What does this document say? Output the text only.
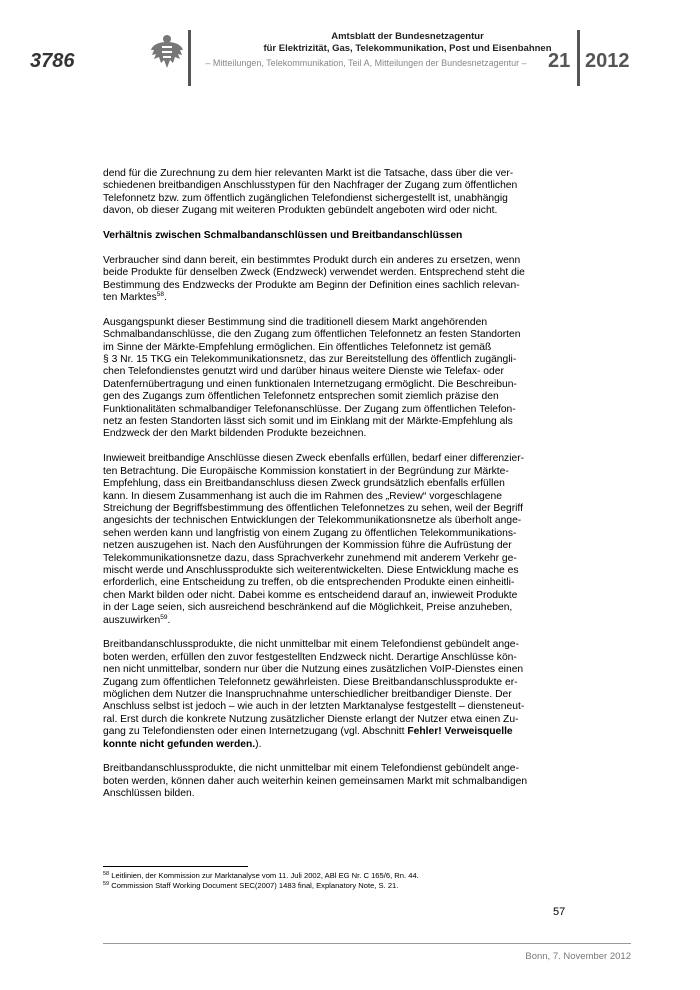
3786
Amtsblatt der Bundesnetzagentur
für Elektrizität, Gas, Telekommunikation, Post und Eisenbahnen
– Mitteilungen, Telekommunikation, Teil A, Mitteilungen der Bundesnetzagentur –	21 2012

dend für die Zurechnung zu dem hier relevanten Markt ist die Tatsache, dass über die ver-
schiedenen breitbandigen Anschlusstypen für den Nachfrager der Zugang zum öffentlichen
Telefonnetz bzw. zum öffentlich zugänglichen Telefondienst sichergestellt ist, unabhängig
davon, ob dieser Zugang mit weiteren Produkten gebündelt angeboten wird oder nicht.

Verhältnis zwischen Schmalbandanschlüssen und Breitbandanschlüssen

Verbraucher sind dann bereit, ein bestimmtes Produkt durch ein anderes zu ersetzen, wenn
beide Produkte für denselben Zweck (Endzweck) verwendet werden. Entsprechend steht die
Bestimmung des Endzwecks der Produkte am Beginn der Definition eines sachlich relevan-
ten Marktes$^{58}$.

Ausgangspunkt dieser Bestimmung sind die traditionell diesem Markt angehörenden
Schmalbandanschlüsse, die den Zugang zum öffentlichen Telefonnetz an festen Standorten
im Sinne der Märkte-Empfehlung ermöglichen. Ein öffentliches Telefonnetz ist gemäß
§ 3 Nr. 15 TKG ein Telekommunikationsnetz, das zur Bereitstellung des öffentlich zugängli-
chen Telefondienstes genutzt wird und darüber hinaus weitere Dienste wie Telefax- oder
Datenfernübertragung und einen funktionalen Internetzugang ermöglicht. Die Beschreibun-
gen des Zugangs zum öffentlichen Telefonnetz entsprechen somit ziemlich präzise den
Funktionalitäten schmalbandiger Telefonanschlüsse. Der Zugang zum öffentlichen Telefon-
netz an festen Standorten lässt sich somit und im Einklang mit der Märkte-Empfehlung als
Endzweck der den Markt bildenden Produkte bezeichnen.

Inwieweit breitbandige Anschlüsse diesen Zweck ebenfalls erfüllen, bedarf einer differenzier-
ten Betrachtung. Die Europäische Kommission konstatiert in der Begründung zur Märkte-
Empfehlung, dass ein Breitbandanschluss diesen Zweck grundsätzlich ebenfalls erfüllen
kann. In diesem Zusammenhang ist auch die im Rahmen des „Review“ vorgeschlagene
Streichung der Begriffsbestimmung des öffentlichen Telefonnetzes zu sehen, weil der Begriff
angesichts der technischen Entwicklungen der Telekommunikationsnetze als überholt ange-
sehen werden kann und langfristig von einem Zugang zu öffentlichen Telekommunikations-
netzen auszugehen ist. Nach den Ausführungen der Kommission führe die Aufrüstung der
Telekommunikationsnetze dazu, dass Sprachverkehr zunehmend mit anderem Verkehr ge-
mischt werde und Anschlussprodukte sich weiterentwickelten. Diese Entwicklung mache es
erforderlich, eine Entscheidung zu treffen, ob die entsprechenden Produkte einen einheitli-
chen Markt bilden oder nicht. Dabei komme es entscheidend darauf an, inwieweit Produkte
in der Lage seien, sich ausreichend beschränkend auf die Möglichkeit, Preise anzuheben,
auszuwirken$^{59}$.

Breitbandanschlussprodukte, die nicht unmittelbar mit einem Telefondienst gebündelt ange-
boten werden, erfüllen den zuvor festgestellten Endzweck nicht. Derartige Anschlüsse kön-
nen nicht unmittelbar, sondern nur über die Nutzung eines zusätzlichen VoIP-Dienstes einen
Zugang zum öffentlichen Telefonnetz gewährleisten. Diese Breitbandanschlussprodukte er-
möglichen dem Nutzer die Inanspruchnahme unterschiedlicher breitbandiger Dienste. Der
Anschluss selbst ist jedoch – wie auch in der letzten Marktanalyse festgestellt – diensteneut-
ral. Erst durch die konkrete Nutzung zusätzlicher Dienste erlangt der Nutzer etwa einen Zu-
gang zu Telefondiensten oder einen Internetzugang (vgl. Abschnitt Fehler! Verweisquelle
konnte nicht gefunden werden.).

Breitbandanschlussprodukte, die nicht unmittelbar mit einem Telefondienst gebündelt ange-
boten werden, können daher auch weiterhin keinen gemeinsamen Markt mit schmalbandigen
Anschlüssen bilden.

$^{58}$ Leitlinien, der Kommission zur Marktanalyse vom 11. Juli 2002, ABl EG Nr. C 165/6, Rn. 44.
$^{59}$ Commission Staff Working Document SEC(2007) 1483 final, Explanatory Note, S. 21.
57
Bonn, 7. November 2012
